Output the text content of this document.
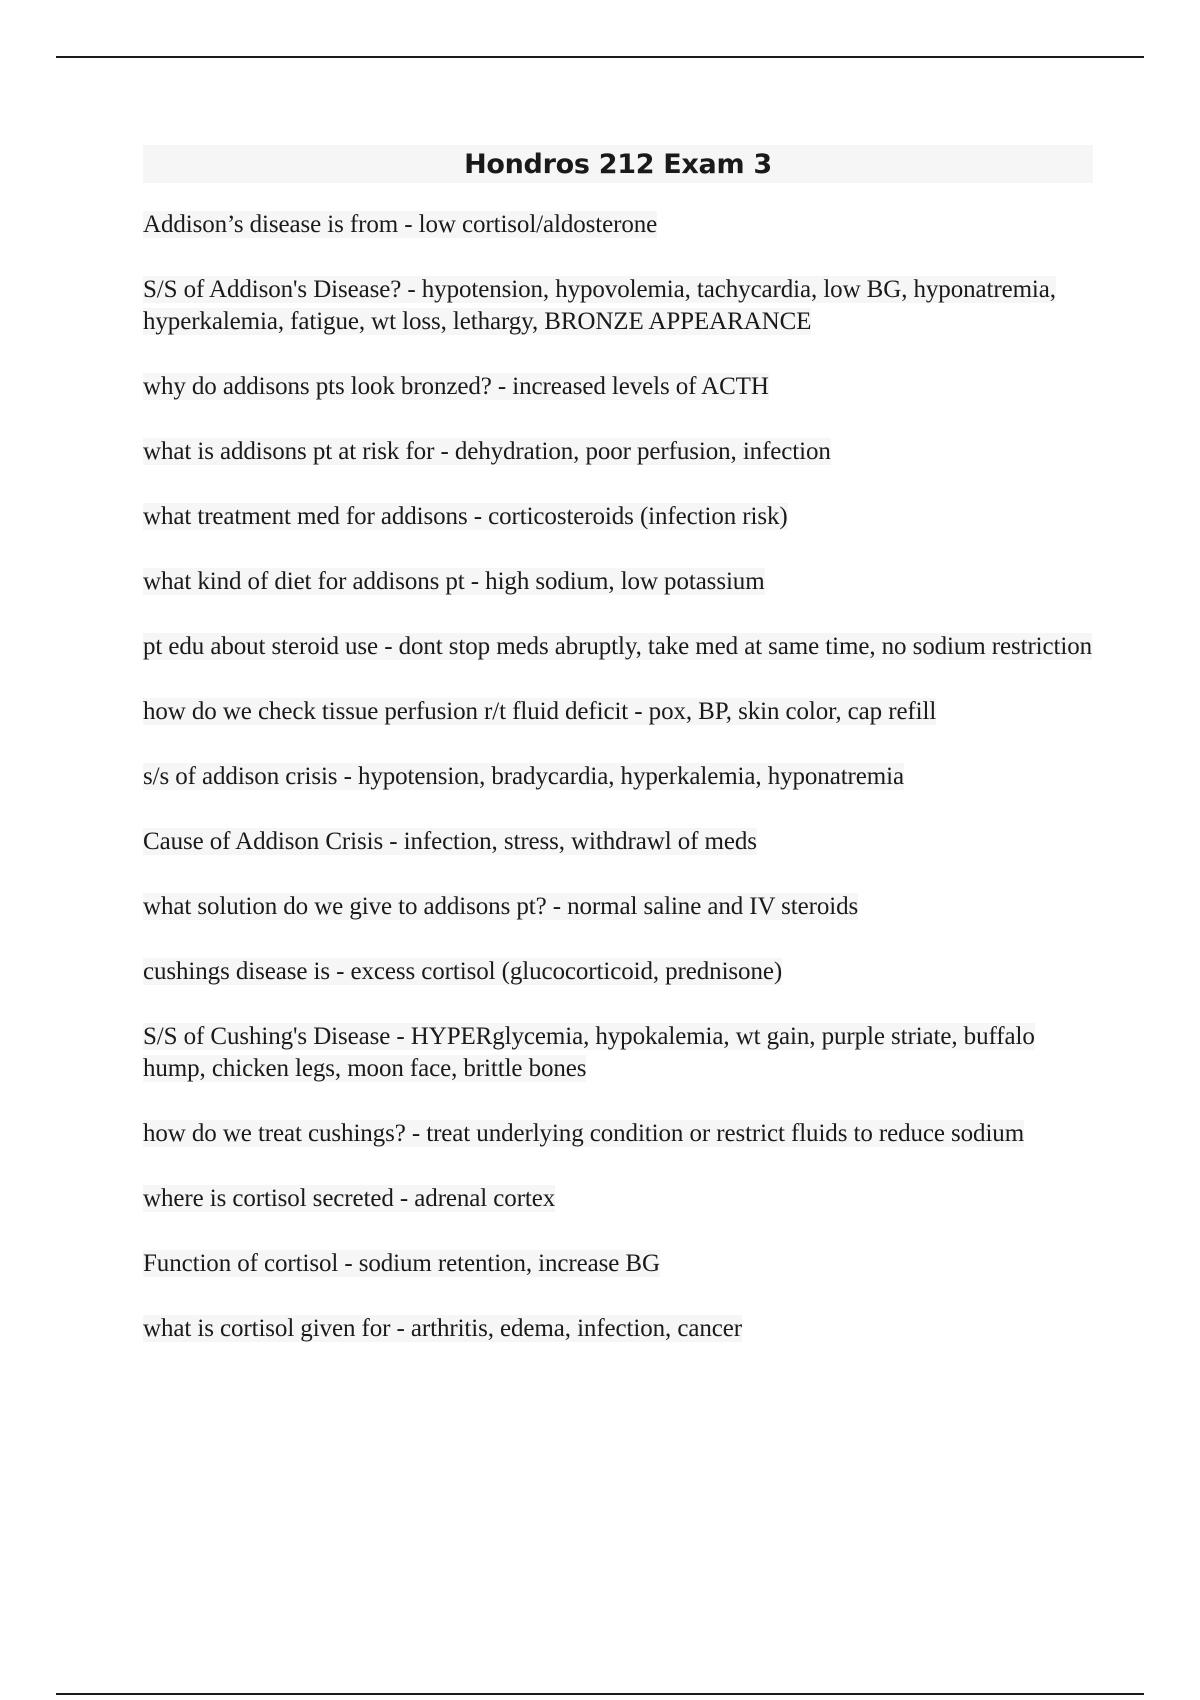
Hondros 212 Exam 3
Addison’s disease is from - low cortisol/aldosterone
S/S of Addison's Disease? - hypotension, hypovolemia, tachycardia, low BG, hyponatremia, hyperkalemia, fatigue, wt loss, lethargy, BRONZE APPEARANCE
why do addisons pts look bronzed? - increased levels of ACTH
what is addisons pt at risk for - dehydration, poor perfusion, infection
what treatment med for addisons - corticosteroids (infection risk)
what kind of diet for addisons pt - high sodium, low potassium
pt edu about steroid use - dont stop meds abruptly, take med at same time, no sodium restriction
how do we check tissue perfusion r/t fluid deficit - pox, BP, skin color, cap refill
s/s of addison crisis - hypotension, bradycardia, hyperkalemia, hyponatremia
Cause of Addison Crisis - infection, stress, withdrawl of meds
what solution do we give to addisons pt? - normal saline and IV steroids
cushings disease is - excess cortisol (glucocorticoid, prednisone)
S/S of Cushing's Disease - HYPERglycemia, hypokalemia, wt gain, purple striate, buffalo hump, chicken legs, moon face, brittle bones
how do we treat cushings? - treat underlying condition or restrict fluids to reduce sodium
where is cortisol secreted - adrenal cortex
Function of cortisol - sodium retention, increase BG
what is cortisol given for - arthritis, edema, infection, cancer
